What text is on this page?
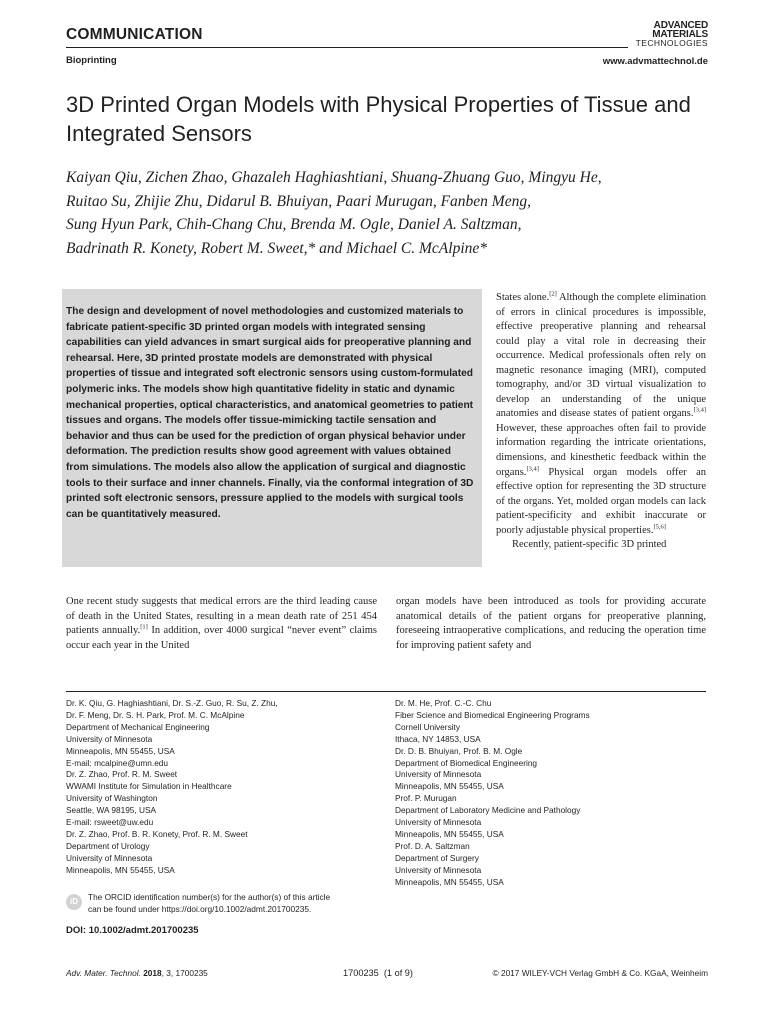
COMMUNICATION
ADVANCED
MATERIALS
TECHNOLOGIES
Bioprinting	www.advmattechnol.de
3D Printed Organ Models with Physical Properties of Tissue and Integrated Sensors
Kaiyan Qiu, Zichen Zhao, Ghazaleh Haghiashtiani, Shuang-Zhuang Guo, Mingyu He,
Ruitao Su, Zhijie Zhu, Didarul B. Bhuiyan, Paari Murugan, Fanben Meng,
Sung Hyun Park, Chih-Chang Chu, Brenda M. Ogle, Daniel A. Saltzman,
Badrinath R. Konety, Robert M. Sweet,* and Michael C. McAlpine*
The design and development of novel methodologies and customized materials to fabricate patient-specific 3D printed organ models with integrated sensing capabilities can yield advances in smart surgical aids for preoperative planning and rehearsal. Here, 3D printed prostate models are demonstrated with physical properties of tissue and integrated soft electronic sensors using custom-formulated polymeric inks. The models show high quantitative fidelity in static and dynamic mechanical properties, optical characteristics, and anatomical geometries to patient tissues and organs. The models offer tissue-mimicking tactile sensation and behavior and thus can be used for the prediction of organ physical behavior under deformation. The prediction results show good agreement with values obtained from simulations. The models also allow the application of surgical and diagnostic tools to their surface and inner channels. Finally, via the conformal integration of 3D printed soft electronic sensors, pressure applied to the models with surgical tools can be quantitatively measured.

States alone.[2] Although the complete elimination of errors in clinical procedures is impossible, effective preoperative planning and rehearsal could play a vital role in decreasing their occurrence. Medical professionals often rely on magnetic resonance imaging (MRI), computed tomography, and/or 3D virtual visualization to develop an understanding of the unique anatomies and disease states of patient organs.[3,4] However, these approaches often fail to provide information regarding the intricate orientations, dimensions, and kinesthetic feedback within the organs.[3,4] Physical organ models offer an effective option for representing the 3D structure of the organs. Yet, molded organ models can lack patient-specificity and exhibit inaccurate or poorly adjustable physical properties.[5,6]

Recently, patient-specific 3D printed

One recent study suggests that medical errors are the third leading cause of death in the United States, resulting in a mean death rate of 251 454 patients annually.[1] In addition, over 4000 surgical “never event” claims occur each year in the United
organ models have been introduced as tools for providing accurate anatomical details of the patient organs for preoperative planning, foreseeing intraoperative complications, and reducing the operation time for improving patient safety and

Dr. K. Qiu, G. Haghiashtiani, Dr. S.-Z. Guo, R. Su, Z. Zhu,

Dr. F. Meng, Dr. S. H. Park, Prof. M. C. McAlpine

Department of Mechanical Engineering

University of Minnesota

Minneapolis, MN 55455, USA

E-mail: mcalpine@umn.edu

Dr. Z. Zhao, Prof. R. M. Sweet

WWAMI Institute for Simulation in Healthcare

University of Washington

Seattle, WA 98195, USA

E-mail: rsweet@uw.edu

Dr. Z. Zhao, Prof. B. R. Konety, Prof. R. M. Sweet

Department of Urology

University of Minnesota

Minneapolis, MN 55455, USA

Dr. M. He, Prof. C.-C. Chu

Fiber Science and Biomedical Engineering Programs

Cornell University

Ithaca, NY 14853, USA

Dr. D. B. Bhuiyan, Prof. B. M. Ogle

Department of Biomedical Engineering

University of Minnesota

Minneapolis, MN 55455, USA

Prof. P. Murugan

Department of Laboratory Medicine and Pathology

University of Minnesota

Minneapolis, MN 55455, USA

Prof. D. A. Saltzman

Department of Surgery

University of Minnesota

Minneapolis, MN 55455, USA

iD	The ORCID identification number(s) for the author(s) of this article
can be found under https://doi.org/10.1002/admt.201700235.
DOI: 10.1002/admt.201700235
Adv. Mater. Technol. 2018, 3, 1700235	1700235  (1 of 9)	© 2017 WILEY-VCH Verlag GmbH & Co. KGaA, Weinheim
